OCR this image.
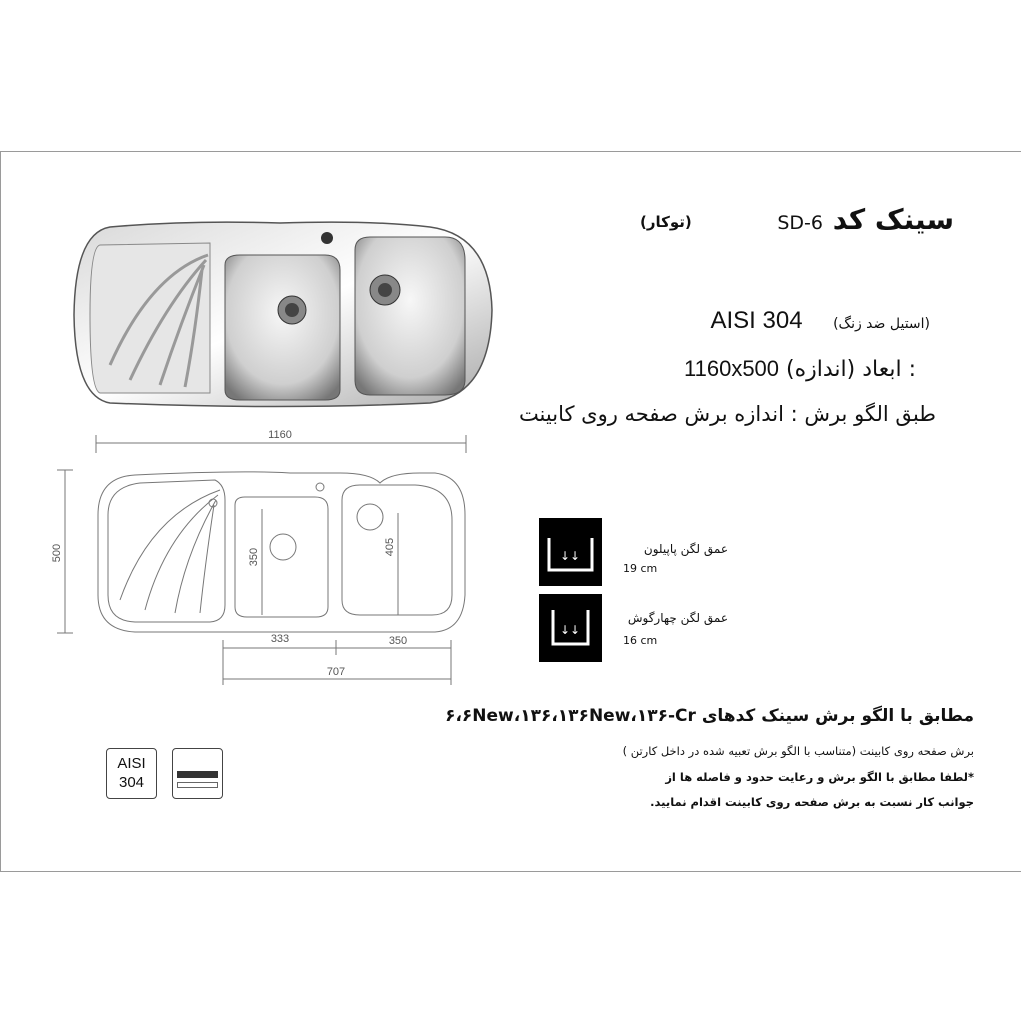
سینک کد 6-SD
(توکار)
(استیل ضد زنگ)    AISI 304
: ابعاد (اندازه) 1160x500
طبق الگو برش : اندازه برش صفحه روی کابینت
1160
500	350
405
333	350
707
↓↓	عمق لگن پاپیلون
19 cm
↓↓
عمق لگن چهارگوش
16 cm
مطابق با الگو برش سینک کدهای ۶،۶New،۱۳۶،۱۳۶New،۱۳۶-Cr
برش صفحه روی کابینت (متناسب با الگو برش تعبیه شده در داخل کارتن )
*لطفا مطابق با الگو برش و رعایت حدود و فاصله ها از
جوانب کار نسبت به برش صفحه روی کابینت اقدام نمایید.
AISI
304
